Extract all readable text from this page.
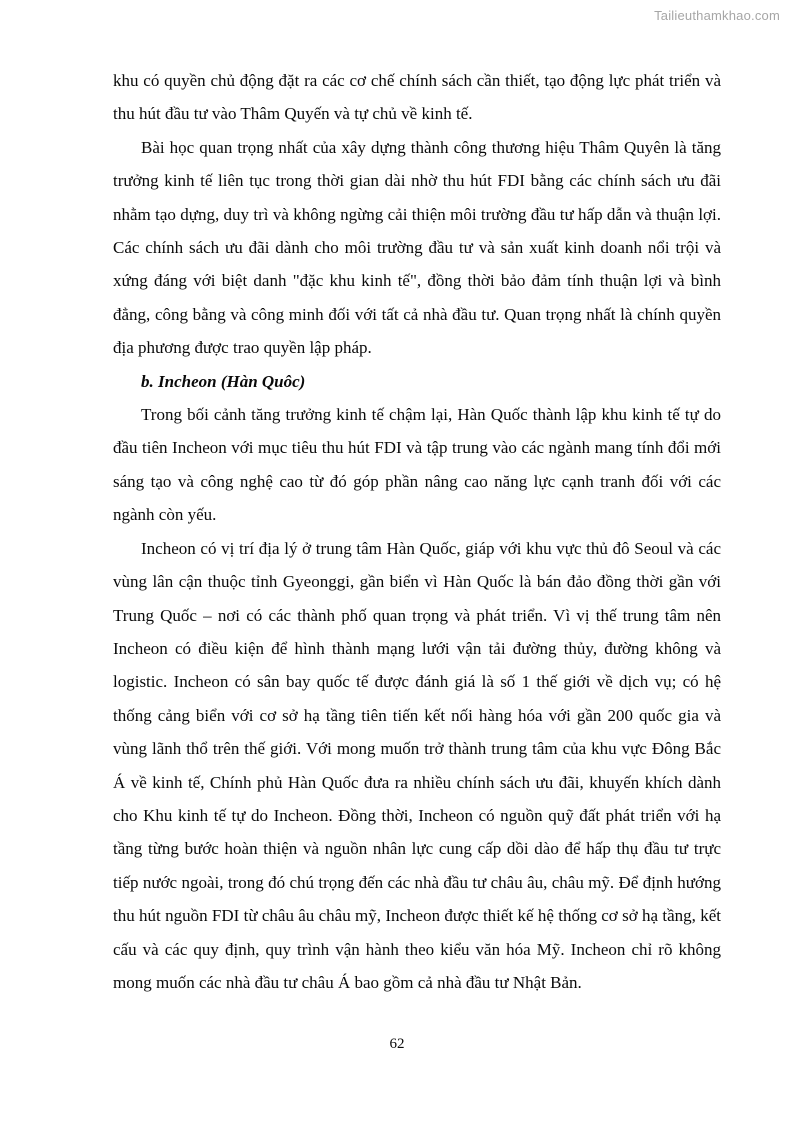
Tailieuthamkhao.com

khu có quyền chủ động đặt ra các cơ chế chính sách cần thiết, tạo động lực phát triển và thu hút đầu tư vào Thâm Quyến và tự chủ về kinh tế.

Bài học quan trọng nhất của xây dựng thành công thương hiệu Thâm Quyên là tăng trưởng kinh tế liên tục trong thời gian dài nhờ thu hút FDI bằng các chính sách ưu đãi nhằm tạo dựng, duy trì và không ngừng cải thiện môi trường đầu tư hấp dẫn và thuận lợi. Các chính sách ưu đãi dành cho môi trường đầu tư và sản xuất kinh doanh nổi trội và xứng đáng với biệt danh "đặc khu kinh tế", đồng thời bảo đảm tính thuận lợi và bình đẳng, công bằng và công minh đối với tất cả nhà đầu tư. Quan trọng nhất là chính quyền địa phương được trao quyền lập pháp.

b. Incheon (Hàn Quôc)

Trong bối cảnh tăng trưởng kinh tế chậm lại, Hàn Quốc thành lập khu kinh tế tự do đầu tiên Incheon với mục tiêu thu hút FDI và tập trung vào các ngành mang tính đổi mới sáng tạo và công nghệ cao từ đó góp phần nâng cao năng lực cạnh tranh đối với các ngành còn yếu.

Incheon có vị trí địa lý ở trung tâm Hàn Quốc, giáp với khu vực thủ đô Seoul và các vùng lân cận thuộc tỉnh Gyeonggi, gần biển vì Hàn Quốc là bán đảo đồng thời gần với Trung Quốc – nơi có các thành phố quan trọng và phát triển. Vì vị thế trung tâm nên Incheon có điều kiện để hình thành mạng lưới vận tải đường thủy, đường không và logistic. Incheon có sân bay quốc tế được đánh giá là số 1 thế giới về dịch vụ; có hệ thống cảng biển với cơ sở hạ tầng tiên tiến kết nối hàng hóa với gần 200 quốc gia và vùng lãnh thổ trên thế giới. Với mong muốn trở thành trung tâm của khu vực Đông Bắc Á về kinh tế, Chính phủ Hàn Quốc đưa ra nhiều chính sách ưu đãi, khuyến khích dành cho Khu kinh tế tự do Incheon. Đồng thời, Incheon có nguồn quỹ đất phát triển với hạ tầng từng bước hoàn thiện và nguồn nhân lực cung cấp dồi dào để hấp thụ đầu tư trực tiếp nước ngoài, trong đó chú trọng đến các nhà đầu tư châu âu, châu mỹ. Để định hướng thu hút nguồn FDI từ châu âu châu mỹ, Incheon được thiết kế hệ thống cơ sở hạ tầng, kết cấu và các quy định, quy trình vận hành theo kiểu văn hóa Mỹ. Incheon chỉ rõ không mong muốn các nhà đầu tư châu Á bao gồm cả nhà đầu tư Nhật Bản.

62
